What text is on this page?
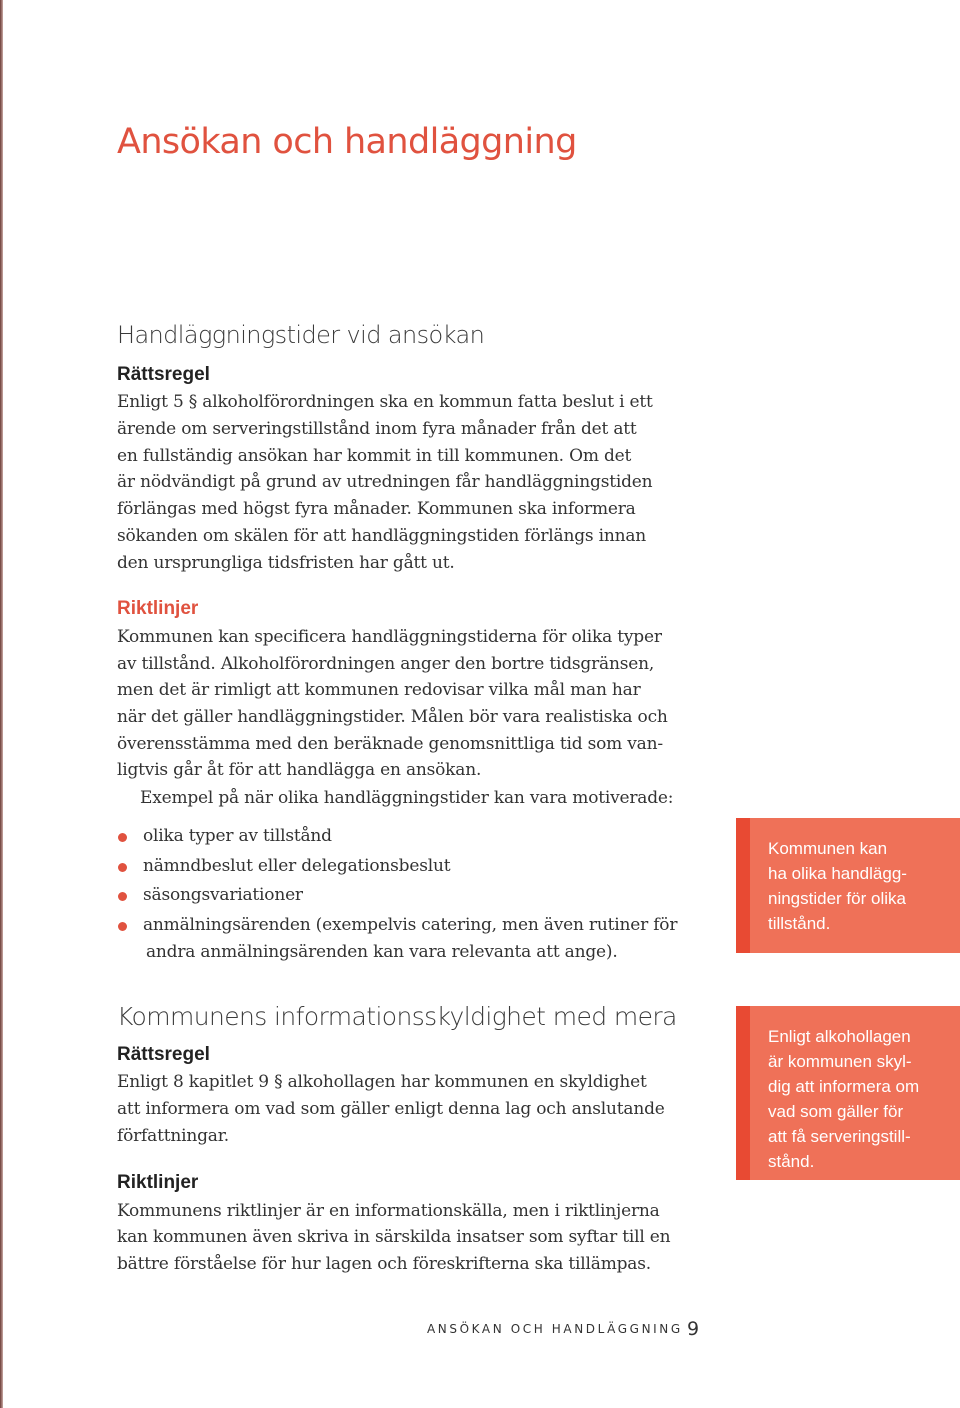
Ansökan och handläggning
Handläggningstider vid ansökan
Rättsregel
Enligt 5 § alkoholförordningen ska en kommun fatta beslut i ett
ärende om serveringstillstånd inom fyra månader från det att
en fullständig ansökan har kommit in till kommunen. Om det
är nödvändigt på grund av utredningen får handläggningstiden
förlängas med högst fyra månader. Kommunen ska informera
sökanden om skälen för att handläggningstiden förlängs innan
den ursprungliga tidsfristen har gått ut.
Riktlinjer
Kommunen kan specificera handläggningstiderna för olika typer
av tillstånd. Alkoholförordningen anger den bortre tidsgränsen,
men det är rimligt att kommunen redovisar vilka mål man har
när det gäller handläggningstider. Målen bör vara realistiska och
överensstämma med den beräknade genomsnittliga tid som van-
ligtvis går åt för att handlägga en ansökan.
Exempel på när olika handläggningstider kan vara motiverade:
olika typer av tillstånd
nämndbeslut eller delegationsbeslut
säsongsvariationer
anmälningsärenden (exempelvis catering, men även rutiner för
andra anmälningsärenden kan vara relevanta att ange).
Kommunens informationsskyldighet med mera
Rättsregel
Enligt 8 kapitlet 9 § alkohollagen har kommunen en skyldighet
att informera om vad som gäller enligt denna lag och anslutande
författningar.
Riktlinjer
Kommunens riktlinjer är en informationskälla, men i riktlinjerna
kan kommunen även skriva in särskilda insatser som syftar till en
bättre förståelse för hur lagen och föreskrifterna ska tillämpas.
Kommunen kan
ha olika handlägg-
ningstider för olika
tillstånd.
Enligt alkohollagen
är kommunen skyl-
dig att informera om
vad som gäller för
att få serveringstill-
stånd.
ANSÖKAN OCH HANDLÄGGNING 9
